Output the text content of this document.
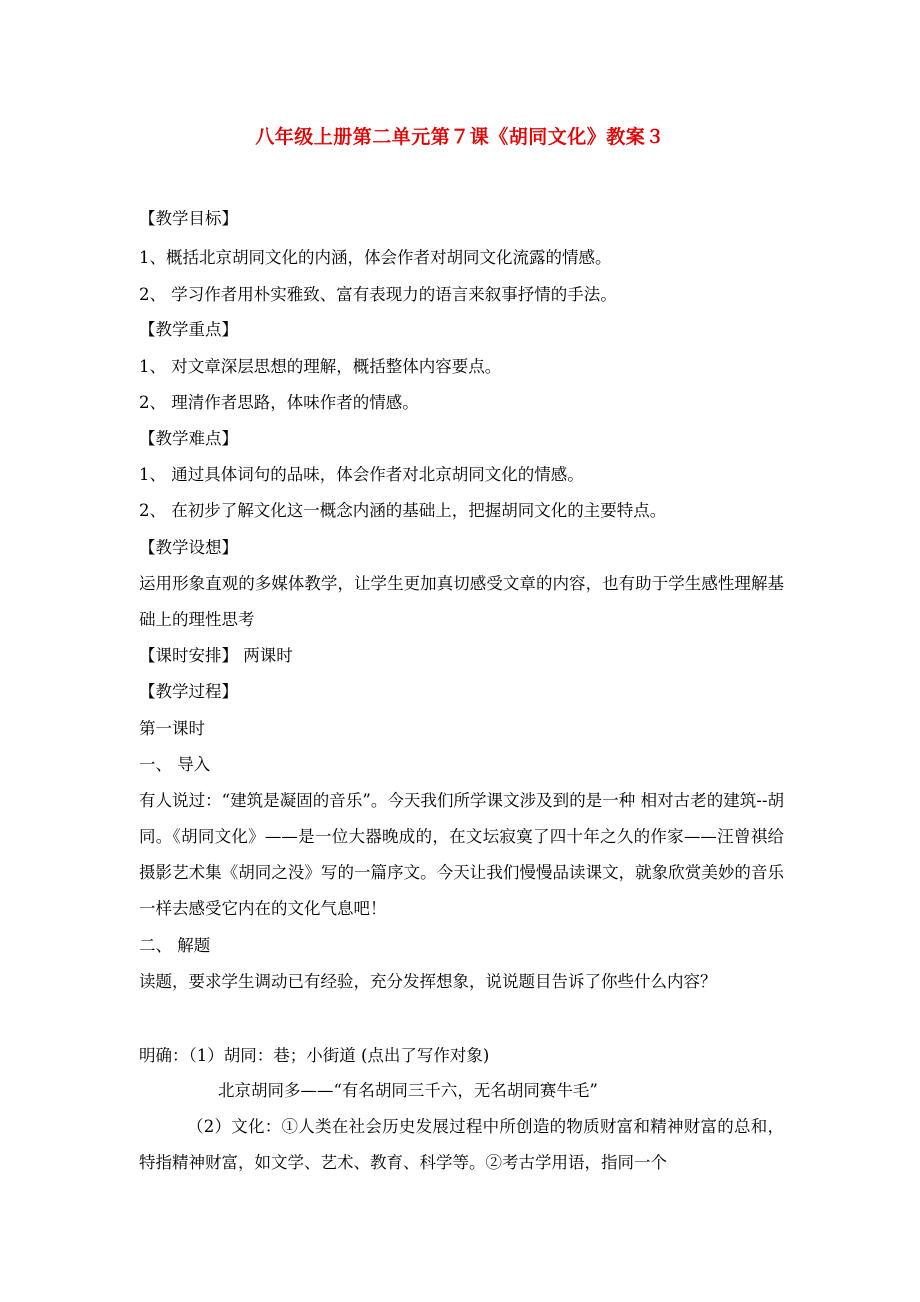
八年级上册第二单元第７课《胡同文化》教案３
【教学目标】
1、概括北京胡同文化的内涵，体会作者对胡同文化流露的情感。
2、 学习作者用朴实雅致、富有表现力的语言来叙事抒情的手法。
【教学重点】
1、 对文章深层思想的理解，概括整体内容要点。
2、 理清作者思路，体味作者的情感。
【教学难点】
1、 通过具体词句的品味，体会作者对北京胡同文化的情感。
2、 在初步了解文化这一概念内涵的基础上，把握胡同文化的主要特点。
【教学设想】
运用形象直观的多媒体教学，让学生更加真切感受文章的内容，也有助于学生感性理解基础上的理性思考
【课时安排】 两课时
【教学过程】
第一课时
一、 导入
有人说过：“建筑是凝固的音乐”。今天我们所学课文涉及到的是一种 相对古老的建筑--胡同。《胡同文化》——是一位大器晚成的，在文坛寂寞了四十年之久的作家——汪曾祺给摄影艺术集《胡同之没》写的一篇序文。今天让我们慢慢品读课文，就象欣赏美妙的音乐一样去感受它内在的文化气息吧！
二、 解题
读题，要求学生调动已有经验，充分发挥想象，说说题目告诉了你些什么内容？
明确：（1）胡同：巷；小街道 (点出了写作对象)
北京胡同多——“有名胡同三千六，无名胡同赛牛毛”
（2）文化：①人类在社会历史发展过程中所创造的物质财富和精神财富的总和，特指精神财富，如文学、艺术、教育、科学等。②考古学用语，指同一个
